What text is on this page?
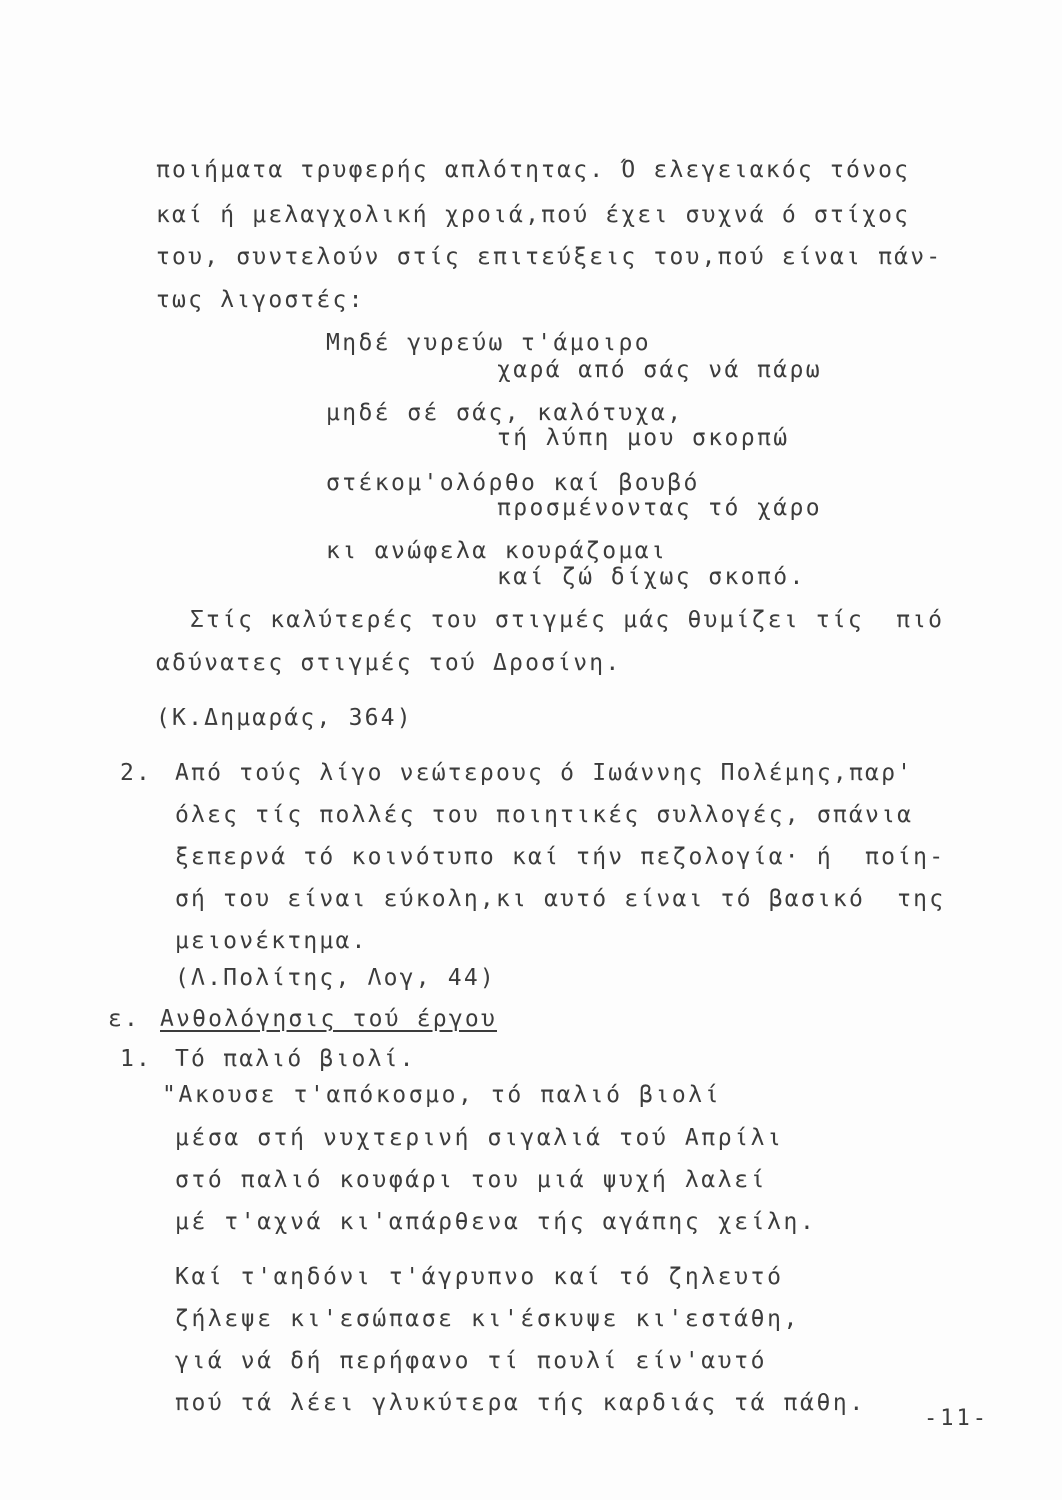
ποιήματα τρυφερής απλότητας. Ό ελεγειακός τόνος
καί ή μελαγχολική χροιά,πού έχει συχνά ό στίχος
του, συντελούν στίς επιτεύξεις του,πού είναι πάν-
τως λιγοστές:
Μηδέ γυρεύω τ'άμοιρο
χαρά από σάς νά πάρω
μηδέ σέ σάς, καλότυχα,
τή λύπη μου σκορπώ
στέκομ'ολόρθο καί βουβό
προσμένοντας τό χάρο
κι ανώφελα κουράζομαι
καί ζώ δίχως σκοπό.
Στίς καλύτερές του στιγμές μάς θυμίζει τίς  πιό
αδύνατες στιγμές τού Δροσίνη.
(Κ.Δημαράς, 364)
2. Από τούς λίγο νεώτερους ό Ιωάννης Πολέμης,παρ'
όλες τίς πολλές του ποιητικές συλλογές, σπάνια
ξεπερνά τό κοινότυπο καί τήν πεζολογία· ή  ποίη-
σή του είναι εύκολη,κι αυτό είναι τό βασικό  της
μειονέκτημα.
(Λ.Πολίτης, Λογ, 44)
ε. Ανθολόγησις τού έργου
1. Τό παλιό βιολί.
"Ακουσε τ'απόκοσμο, τό παλιό βιολί
μέσα στή νυχτερινή σιγαλιά τού Απρίλι
στό παλιό κουφάρι του μιά ψυχή λαλεί
μέ τ'αχνά κι'απάρθενα τής αγάπης χείλη.
Καί τ'αηδόνι τ'άγρυπνο καί τό ζηλευτό
ζήλεψε κι'εσώπασε κι'έσκυψε κι'εστάθη,
γιά νά δή περήφανο τί πουλί είν'αυτό
πού τά λέει γλυκύτερα τής καρδιάς τά πάθη.
-11-
